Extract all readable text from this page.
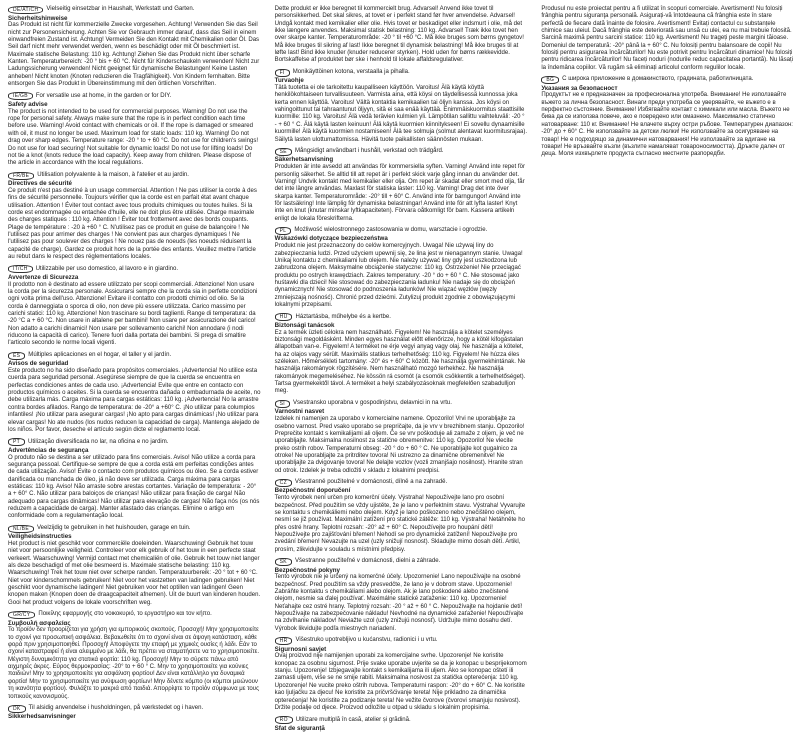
DE/AT/CH	Vielseitig einsetzbar in Haushalt, Werkstatt und Garten.
Sicherheitshinweise

Das Produkt ist nicht für kommerzielle Zwecke vorgesehen. Achtung! Verwenden Sie das Seil nicht zur Personensicherung. Achten Sie vor Gebrauch immer darauf, dass das Seil in einem einwandfreien Zustand ist. Achtung! Vermeiden Sie den Kontakt mit Chemikalien oder Öl. Das Seil darf nicht mehr verwendet werden, wenn es beschädigt oder mit Öl beschmiert ist. Maximale statische Belastung: 110 kg. Achtung! Ziehen Sie das Produkt nicht über scharfe Kanten. Temperaturbereich: -20 ° bis + 60 °C. Nicht für Kinderschaukeln verwenden! Nicht zur Ladungssicherung verwenden! Nicht geeignet für dynamische Belastungen! Keine Lasten anheben! Nicht knoten (Knoten reduzieren die Tragfähigkeit). Von Kindern fernhalten. Bitte entsorgen Sie das Produkt in Übereinstimmung mit den örtlichen Vorschriften.

IE/GB	For versatile use at home, in the garden or for DIY.
Safety advise

The product is not intended to be used for commercial purposes. Warning! Do not use the rope for personal safety. Always make sure that the rope is in perfect condition each time before use. Warning! Avoid contact with chemicals or oil. If the rope is damaged or smeared with oil, it must no longer be used. Maximum load for static loads: 110 kg. Warning! Do not drag over sharp edges. Temperature range: -20 ° to + 60 °C. Do not use for children's swings! Do not use for load securing! Not suitable for dynamic loads! Do not use for lifting loads! Do not tie a knot (knots reduce the load capacity). Keep away from children. Please dispose of the article in accordance with the local regulations.

FR/BE	Utilisation polyvalente à la maison, à l'atelier et au jardin.
Directives de sécurité

Ce produit n'est pas destiné à un usage commercial. Attention ! Ne pas utiliser la corde à des fins de sécurité personnelle. Toujours vérifier que la corde est en parfait état avant chaque utilisation. Attention ! Éviter tout contact avec tous produits chimiques ou toutes huiles. Si la corde est endommagée ou entachée d'huile, elle ne doit plus être utilisée. Charge maximale des charges statiques : 110 kg. Attention ! Éviter tout frottement avec des bords coupants. Plage de température : -20 à +60 ° C. N'utilisez pas ce produit en guise de balançoire ! Ne l'utilisez pas pour arrimer des charges ! Ne convient pas aux charges dynamiques ! Ne l'utilisez pas pour soulever des charges ! Ne nouez pas de noeuds (les noeuds réduisent la capacité de charge). Gardez ce produit hors de la portée des enfants. Veuillez mettre l'article au rebut dans le respect des réglementations locales.

IT/CH	Utilizzabile per uso domestico, al lavoro e in giardino.
Avvertenze di Sicurezza

Il prodotto non è destinato ad essere utilizzato per scopi commerciali. Attenzione! Non usare la corda per la sicurezza personale. Assicurarsi sempre che la corda sia in perfette condizioni ogni volta prima dell'uso. Attenzione! Evitare il contatto con prodotti chimici od olio. Se la corda è danneggiata o sporca di olio, non deve più essere utilizzata. Carico massimo per carichi statici: 110 kg. Attenzione! Non trascinare su bordi taglienti. Range di temperatura: da -20 °C a + 60 °C. Non usare in altalene per bambini! Non usare per assicurazione del carico! Non adatto a carichi dinamici! Non usare per sollevamento carichi! Non annodare (i nodi riducono la capacità di carico). Tenere fuori dalla portata dei bambini. Si prega di smaltire l'articolo secondo le norme locali vigenti.

ES	Múltiples aplicaciones en el hogar, el taller y el jardín.
Avisos de seguridad

Este producto no ha sido diseñado para propósitos comerciales. ¡Advertencia! No utilice esta cuerda para seguridad personal. Asegúrese siempre de que la cuerda se encuentra en perfectas condiciones antes de cada uso. ¡Advertencia! Evite que entre en contacto con productos químicos o aceites. Si la cuerda se encuentra dañada o embadurnada de aceite, no debe utilizarla más. Carga máxima para cargas estáticas: 110 kg. ¡Advertencia! No la arrastre contra bordes afilados. Rango de temperatura: de -20° a +60° C. ¡No utilizar para columpios infantiles! ¡No utilizar para asegurar cargas! ¡No apto para cargas dinámicas! ¡No utilizar para elevar cargas! No ate nudos (los nudos reducen la capacidad de carga). Mantenga alejado de los niños. Por favor, deseche el artículo según dicte el reglamento local.

PT	Utilização diversificada no lar, na oficina e no jardim.
Advertências de segurança

O produto não se destina a ser utilizado para fins comerciais. Aviso! Não utilize a corda para segurança pessoal. Certifique-se sempre de que a corda está em perfeitas condições antes de cada utilização. Aviso! Evite o contacto com produtos químicos ou óleo. Se a corda estiver danificada ou manchada de óleo, já não deve ser utilizada. Carga máxima para cargas estáticas: 110 kg. Aviso! Não arraste sobre arestas cortantes. Variação de temperatura: - 20° a + 60° C. Não utilizar para baloiços de crianças! Não utilizar para fixação de carga! Não adequado para cargas dinâmicas! Não utilizar para elevação de cargas! Não faça nós (os nós reduzem a capacidade de carga). Manter afastado das crianças. Elimine o artigo em conformidade com a regulamentação local.

NL/BE	Veelzijdig te gebruiken in het huishouden, garage en tuin.
Veiligheidsinstructies

Het product is niet geschikt voor commerciële doeleinden. Waarschuwing! Gebruik het touw niet voor persoonlijke veiligheid. Controleer voor elk gebruik of het touw in een perfecte staat verkeert. Waarschuwing! Vermijd contact met chemicaliën of olie. Gebruik het touw niet langer als deze beschadigd of met olie besmeerd is. Maximale statische belasting: 110 kg. Waarschuwing! Trek het touw niet over scherpe randen. Temperatuurbereik: -20 ° tot + 60 °C. Niet voor kinderschommels gebruiken! Niet voor het vastzetten van ladingen gebruiken! Niet geschikt voor dynamische ladingen! Niet gebruiken voor het optillen van ladingen! Geen knopen maken (Knopen doen de draagcapaciteit afnemen). Uit de buurt van kinderen houden. Gooi het product volgens de lokale voorschriften weg.

GR/CY	Ποικίλης εφαρμογής στο νοικοκυριό, το εργαστήριο και τον κήπο.
Συμβουλή ασφαλείας

Το προϊόν δεν προορίζεται για χρήση για εμπορικούς σκοπούς. Προσοχή! Μην χρησιμοποιείτε το σχοινί για προσωπική ασφάλεια. Βεβαιωθείτε ότι το σχοινί είναι σε άψογη κατάσταση, κάθε φορά πριν χρησιμοποιηθεί. Προσοχή! Αποφύγετε την επαφή με χημικές ουσίες ή λάδι. Εάν το σχοινί καταστραφεί ή είναι αλειμμένο με λάδι, θα πρέπει να σταματήσετε να το χρησιμοποιείτε. Μέγιστη δυναμικότητα για στατικά φορτία: 110 kg. Προσοχή! Μην το σύρετε πάνω από αιχμηρές άκρες. Εύρος θερμοκρασίας: -20° to + 60 ° C. Μην το χρησιμοποιείτε για κούνιες παιδιών! Μην το χρησιμοποιείτε για ασφάλιση φορτίου! Δεν είναι κατάλληλο για δυναμικά φορτία! Μην το χρησιμοποιείτε για ανύψωση φορτίων! Μην δένετε κόμπο (οι κόμποι μειώνουν τη ικανότητα φορτίου). Φυλάξτε το μακριά από παιδιά. Απορρίψτε το προϊόν σύμφωνα με τους τοπικούς κανονισμούς.

DK	Til alsidig anvendelse i husholdningen, på værkstedet og i haven.
Sikkerhedsanvisninger

Dette produkt er ikke beregnet til kommercielt brug. Advarsel! Anvend ikke tovet til personsikkerhed. Det skal sikres, at tovet er i perfekt stand før hver anvendelse. Advarsel! Undgå kontakt med kemikalier eller olie. Hvis tovet er beskadiget eller indsmurt i olie, må det ikke længere anvendes. Maksimal statisk belastning: 110 kg. Advarsel! Træk ikke tovet hen over skarpe kanter. Temperaturområde: -20 ° til +60 °C. Må ikke bruges som børns gyngetov! Må ikke bruges til sikring af last! Ikke beregnet til dynamisk belastning! Må ikke bruges til at løfte last! Bind ikke knuder (knuder reducerer styrken). Hold uden for børns rækkevidde. Bortskaffelse af produktet bør ske i henhold til lokale affaldsregulativer.

FI	Monikäyttöinen kotona, verstaalla ja pihalla.
Turvaohje

Tätä tuotetta ei ole tarkoitettu kaupalliseen käyttöön. Varoitus! Älä käytä köyttä henkilökohtaiseen turvallisuuteen. Varmista aina, että köysi on täydellisessä kunnossa joka kerta ennen käyttöä. Varoitus! Vältä kontaktia kemikaalien tai öljyn kanssa. Jos köysi on vahingoittunut tai tahraantunut öljyyn, sitä ei saa enää käyttää. Enimmäiskuormitus staattisille kuormille: 110 kg. Varoitus! Älä vedä terävien kulmien yli. Lämpötilan sallittu vaihteluväli: -20 ° - + 60 ° C. Älä käytä lasten keinuun! Älä käytä kuormien kiinnitykseen! Ei sovellu dynaamisille kuormille! Älä käytä kuormien nostamiseen! Älä tee solmuja (solmut alentavat kuormitusrajaa). Säilytä lasten ulottumattomissa. Hävitä tuote paikallisten säännösten mukaan.

SE	Mångsidigt användbart i hushåll, verkstad och trädgård.
Säkerhetsanvisning

Produkten är inte avsedd att användas för kommersiella syften. Varning! Använd inte repet för personlig säkerhet. Se alltid till att repet är i perfekt skick varje gång innan du använder det. Varning! Undvik kontakt med kemikalier eller olja. Om repet är skadat eller smort med olja, får det inte längre användas. Maxlast för statiska laster: 110 kg. Varning! Drag det inte över skarpa kanter. Temperaturområde: -20° till + 60° C. Använd inte för barngungor! Använd inte för lastsäkring! Inte lämplig för dynamiska belastningar! Använd inte för att lyfta laster! Knyt inte en knut (knutar minskar lyftkapaciteten). Förvara oåtkomligt för barn. Kassera artikeln enligt de lokala föreskrifterna.

PL	Możliwość wielostronnego zastosowania w domu, warsztacie i ogrodzie.
Wskazówki dotyczące bezpieczeństwa

Produkt nie jest przeznaczony do celów komercyjnych. Uwaga! Nie używaj liny do zabezpieczania ludzi. Przed użyciem upewnij się, że lina jest w nienagannym stanie. Uwaga! Unikaj kontaktu z chemikaliami lub olejem. Nie należy używać liny gdy jest uszkodzona lub zabrudzona olejem. Maksymalne obciążenie statyczne: 110 kg. Ostrzeżenie! Nie przeciągać produktu po ostrych krawędziach. Zakres temperatury: -20 ° do + 60 ° C. Nie stosować jako huśtawki dla dzieci! Nie stosować do zabezpieczania ładunku! Nie nadaje się do obciążeń dynamicznych! Nie stosować do podnoszenia ładunków! Nie wiązać węzłów (węzły zmniejszają nośność). Chronić przed dziećmi. Zutylizuj produkt zgodnie z obowiązującymi lokalnymi przepisami.

HU	Háztartásba, műhelybe és a kertbe.
Biztonsági tanácsok

Ez a termék üzleti célokra nem használható. Figyelem! Ne használja a kötelet személyes biztonsági megoldásként. Minden egyes használat előtt ellenőrizze, hogy a kötél kifogástalan állapotban van-e. Figyelem! A terméket ne érje vegyi anyag vagy olaj. Ne használja a kötelet, ha az olajos vagy sérült. Maximális statikus terhelhetőség: 110 kg. Figyelem! Ne húzza éles széleken. Hőmérsékleti tartomány: -20° és + 60° C között. Ne használja gyermekhintának. Ne használja rakományok rögzítésére. Nem használható mozgó terhekhez. Ne használja rakományok megemeléséhez. Ne kössön rá csomót (a csomók csökkentik a terhelhetőséget). Tartsa gyermekektől távol. A terméket a helyi szabályozásoknak megfelelően szabadulljon meg.

SI	Vsestransko uporabna v gospodinjstvu, delavnici in na vrtu.
Varnostni nasvet

Izdelek ni namenjen za uporabo v komercialne namene. Opozorilo! Vrvi ne uporabljajte za osebno varnost. Pred vsako uporabo se prepričajte, da je vrv v brezhibnem stanju. Opozorilo! Preprečite kontakt s kemikalijami ali oljem. Če se vrv poškoduje ali zamaže z oljem, je več ne uporabljajte. Maksimalna nosilnost za statične obremenitve: 110 kg. Opozorilo! Ne vlecite preko ostrih robov. Temperaturni obseg: -20 ° do + 60 ° C. Ne uporabljajte kot gugalnico za otroke! Ne uporabljajte za pritrditev tovora! Ni ustrezno za dinamične obremenitve! Ne uporabljajte za dvigovanje tovora! Ne delajte vozlov (vozli zmanjšajo nosilnost). Hranite stran od otrok. Izdelek je treba odložiti v skladu z lokalnimi predpisi.

CZ	Všestranně použitelné v domácnosti, dílně a na zahradě.
Bezpečnostní doporučení

Tento výrobek není určen pro komerční účely. Výstraha! Nepoužívejte lano pro osobní bezpečnost. Před použitím se vždy ujistěte, že je lano v perfektním stavu. Výstraha! Vyvarujte se kontaktu s chemikáliemi nebo olejem. Když je lano poškozeno nebo znečištěno olejem, nesmí se již používat. Maximální zatížení pro statické zátěže: 110 kg. Výstraha! Netáhněte ho přes ostré hrany. Teplotní rozsah: -20° až + 60° C. Nepoužívejte pro houpání dětí! Nepoužívejte pro zajišťování břemen! Nehodí se pro dynamické zatížení! Nepoužívejte pro zvedání břemen! Nevazujte na uzel (uzly snižují nosnost). Skladujte mimo dosah dětí. Artikl, prosím, zlikvidujte v souladu s místními předpisy.

SK	Všestranne použiteľné v domácnosti, dielni a záhrade.
Bezpečnostné pokyny

Tento výrobok nie je určený na komerčné účely. Upozornenie! Lano nepoužívajte na osobné bezpečnosť. Pred použitím sa vždy presvedčte, že lano je v dobrom stave. Upozornenie! Zabráňte kontaktu s chemikáliami alebo olejom. Ak je lano poškodené alebo znečistené olejom, nesmie sa ďalej používať. Maximálne statické zaťaženie: 110 kg. Upozornenie! Neťahajte cez ostré hrany. Teplotný rozsah: -20 ° až + 60 ° C. Nepoužívajte na hojdanie detí! Nepoužívajte na zabezpečovanie nákladu! Nevhodné na dynamické zaťaženie! Nepoužívajte na zdvíhanie nákladov! Neviažte uzol (uzly znižujú nosnosť). Udržujte mimo dosahu detí. Výrobok likvidujte podľa miestnych nariadení.

HR	Višestruko upotrebljivo u kućanstvu, radionici i u vrtu.
Sigurnosni savjet

Ovaj proizvod nije namijenjen uporabi za komercijalne svrhe. Upozorenje! Ne koristite konopac za osobnu sigurnost. Prije svake uporabe uvjerite se da je konopac u besprijekornom stanju. Upozorenje! Izbjegavajte kontakt s kemikalijama ili uljem. Ako se konopac oštetí ili zamasti uljem, više se ne smije rabiti. Maksimalna nosivost za statička opterećenja: 110 kg. Upozorenje! Ne vucite preko oštrih rubova. Temperaturni raspon: -20° do + 60° C. Ne koristite kao ljuljačku za djecu! Ne koristite za pričvršćivanje tereta! Nije prikladno za dinamička opterećenja! Ne koristite za podizanje tereta! Ne vežite čvorove (čvorovi smanjuju nosivost). Držite podalje od djece. Proizvod odložite u otpad u skladu s lokalnim propisima.

RO	Utilizare multiplă în casă, atelier și grădină.
Sfat de siguranță

Produsul nu este proiectat pentru a fi utilizat în scopuri comerciale. Avertisment! Nu folosiți frânghia pentru siguranţa personală. Asigurați-vă întotdeauna că frânghia este în stare perfectă de fiecare dată înainte de folosire. Avertisment! Evitați contactul cu substanțele chimice sau uleiul. Dacă frânghia este deteriorată sau unsă cu ulei, ea nu mai trebuie folosită. Sarcină maximă pentru sarcini statice: 110 kg. Avertisment! Nu trageți peste margini tăioase. Domeniul de temperatură: -20° până la + 60° C. Nu folosiți pentru balansoare de copii! Nu folosiți pentru asigurarea încărcăturilor! Nu este potrivit pentru încărcături dinamice! Nu folosiți pentru ridicarea încărcăturilor! Nu faceți noduri (nodurile reduc capacitatea portantă). Nu lăsați la îndemâna copiilor. Vă rugăm să eliminați articolul conform regulilor locale.

BG	С широка приложение в домакинството, градината, работилницата.
Указания за безопасност

Продуктът не е предназначен за професионална употреба. Внимание! Не използвайте въжето за лична безопасност. Винаги преди употреба се уверявайте, че въжето е в перфектно състояние. Внимание! Избягвайте контакт с химикали или масла. Въжето не бива да се използва повече, ако е повредено или омазнено. Максимално статично натоварване: 110 кг. Внимание! Не влачете върху остри ръбове. Температурен диапазон: -20° до + 60° С. Не използвайте за детски люлки! Не използвайте за осигуряване на товар! Не е подходящо за динамични натоварвания! Не използвайте за вдигане на товари! Не връзвайте възли (възлите намаляват товароносимостта). Дръжте далеч от деца. Моля изхвърлете продукта съгласно местните разпоредби.
